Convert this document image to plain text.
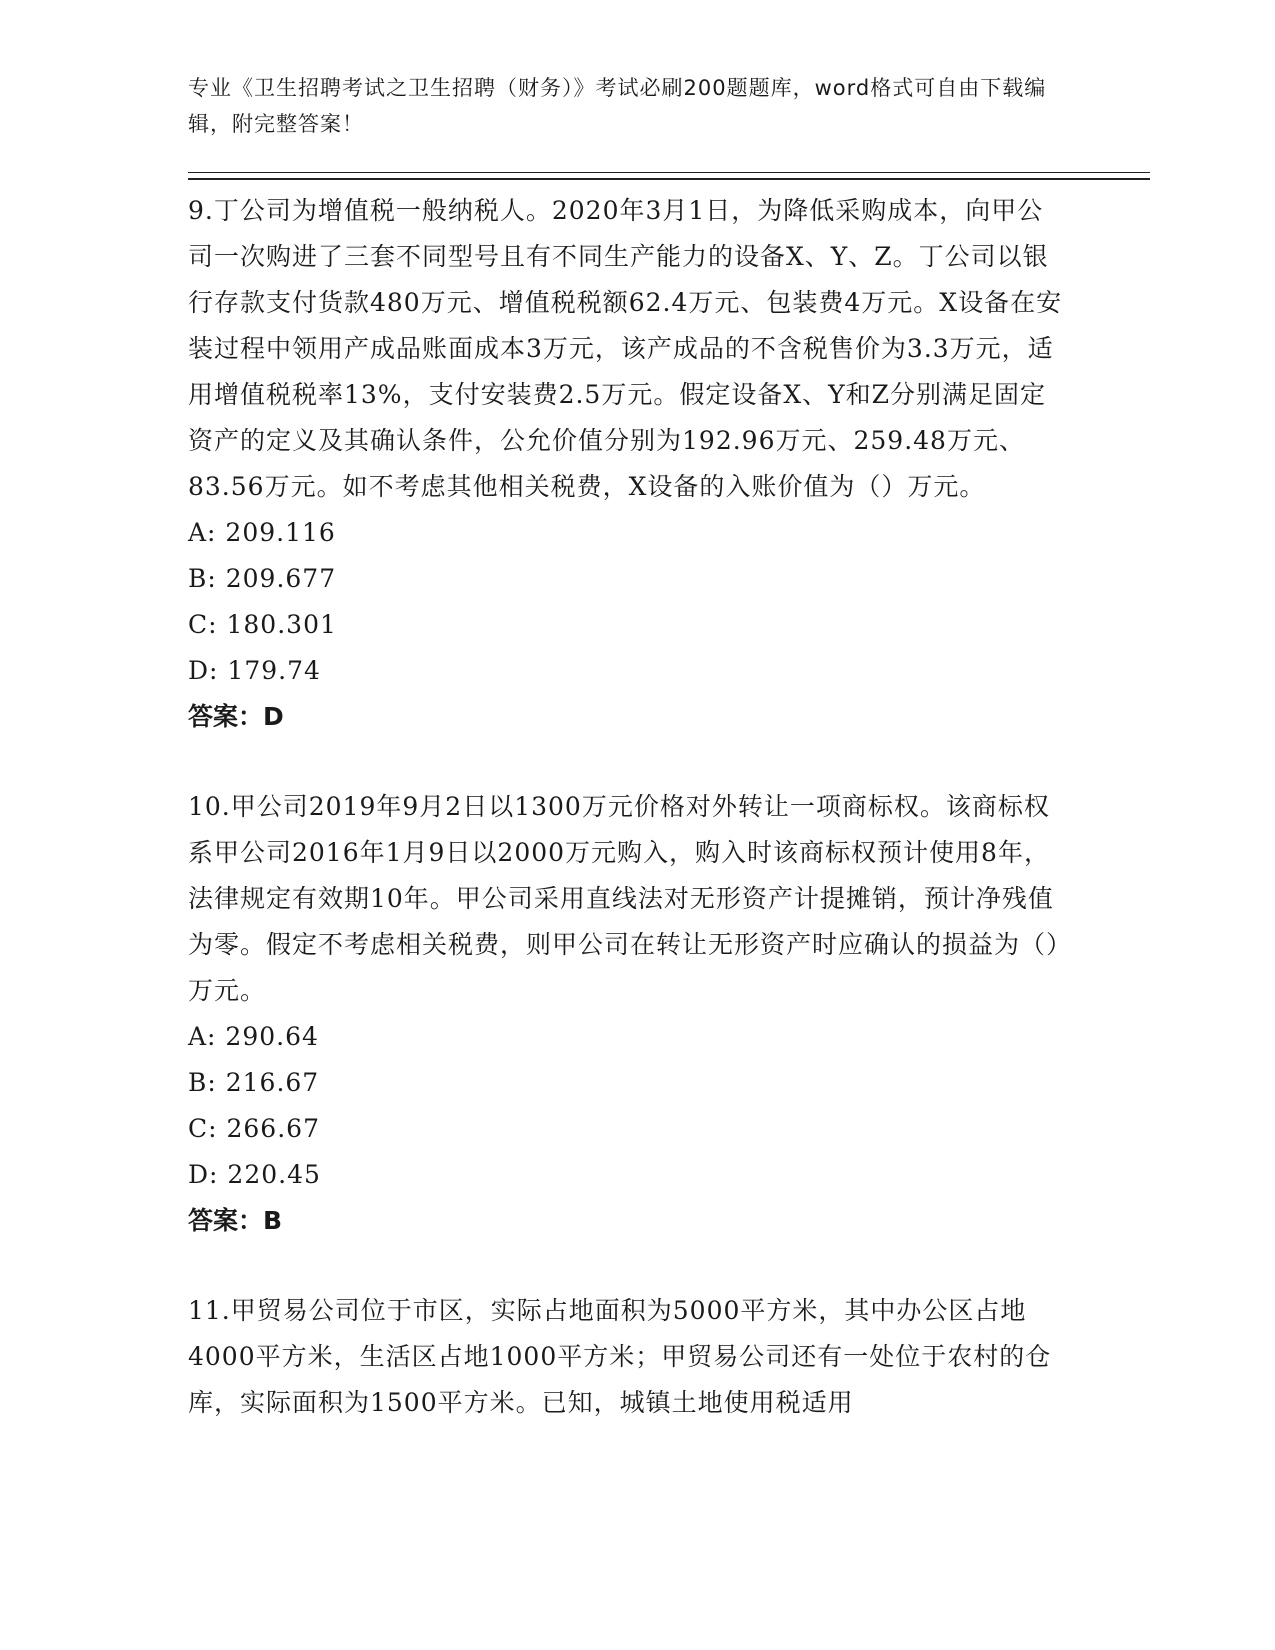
专业《卫生招聘考试之卫生招聘（财务）》考试必刷200题题库，word格式可自由下载编辑，附完整答案！

9.丁公司为增值税一般纳税人。2020年3月1日，为降低采购成本，向甲公司一次购进了三套不同型号且有不同生产能力的设备X、Y、Z。丁公司以银行存款支付货款480万元、增值税税额62.4万元、包装费4万元。X设备在安装过程中领用产成品账面成本3万元，该产成品的不含税售价为3.3万元，适用增值税税率13%，支付安装费2.5万元。假定设备X、Y和Z分别满足固定资产的定义及其确认条件，公允价值分别为192.96万元、259.48万元、83.56万元。如不考虑其他相关税费，X设备的入账价值为（）万元。

A: 209.116

B: 209.677

C: 180.301

D: 179.74

答案：D

10.甲公司2019年9月2日以1300万元价格对外转让一项商标权。该商标权系甲公司2016年1月9日以2000万元购入，购入时该商标权预计使用8年，法律规定有效期10年。甲公司采用直线法对无形资产计提摊销，预计净残值为零。假定不考虑相关税费，则甲公司在转让无形资产时应确认的损益为（）万元。

A: 290.64

B: 216.67

C: 266.67

D: 220.45

答案：B

11.甲贸易公司位于市区，实际占地面积为5000平方米，其中办公区占地4000平方米，生活区占地1000平方米；甲贸易公司还有一处位于农村的仓库，实际面积为1500平方米。已知，城镇土地使用税适用
